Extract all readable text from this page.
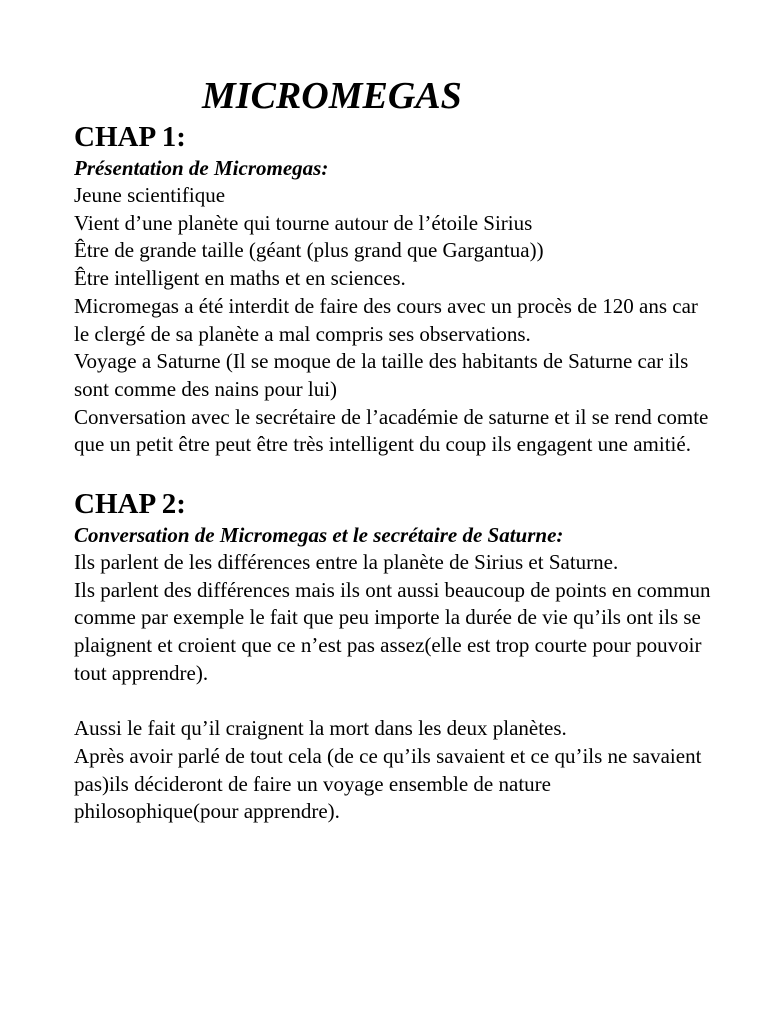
MICROMEGAS
CHAP 1:
Présentation de Micromegas:

Jeune scientifique

Vient d’une planète qui tourne autour de l’étoile Sirius

Être de grande taille (géant (plus grand que Gargantua))

Être intelligent en maths et en sciences.

Micromegas a été interdit de faire des cours avec un procès de 120 ans car le clergé de sa planète a mal compris ses observations.

Voyage a Saturne (Il se moque de la taille des habitants de Saturne car ils sont comme des nains pour lui)

Conversation avec le secrétaire de l’académie de saturne et il se rend comte que un petit être peut être très intelligent du coup ils engagent une amitié.

CHAP 2:
Conversation de Micromegas et le secrétaire de Saturne:

Ils parlent de les différences entre la planète de Sirius et Saturne.

Ils parlent des différences mais ils ont aussi beaucoup de points en commun comme par exemple le fait que peu importe la durée de vie qu’ils ont ils se plaignent et croient que ce n’est pas assez(elle est trop courte pour pouvoir tout apprendre).

Aussi le fait qu’il craignent la mort dans les deux planètes.

Après avoir parlé de tout cela (de ce qu’ils savaient et ce qu’ils ne savaient pas)ils décideront de faire un voyage ensemble de nature philosophique(pour apprendre).
